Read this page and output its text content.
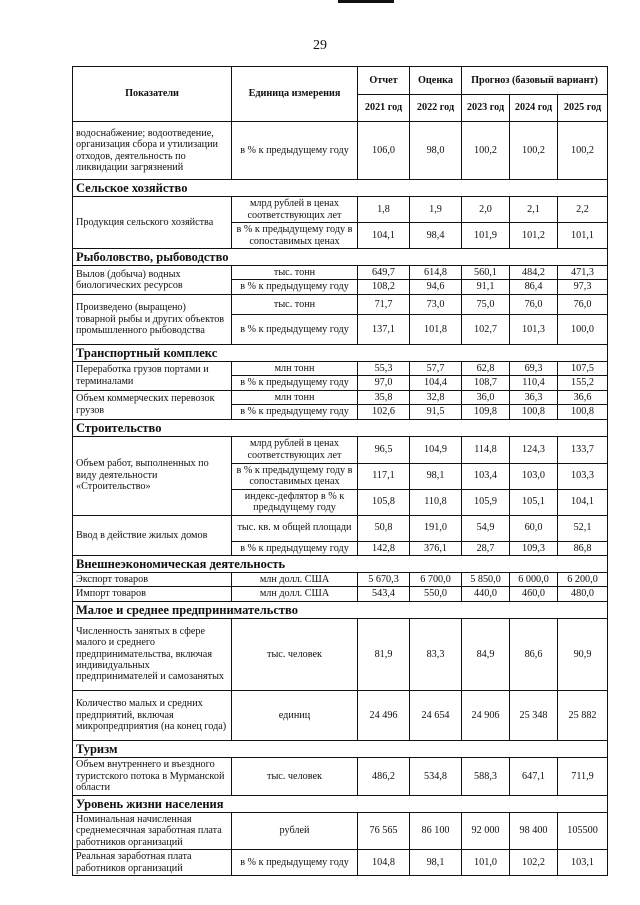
29
Показатели	Единица измерения	Отчет	Оценка	Прогноз (базовый вариант)		
		2021 год	2022 год	2023 год	2024 год	2025 год
водоснабжение; водоотведение, организация сбора и утилизации отходов, деятельность по ликвидации загрязнений	в % к предыдущему году	106,0	98,0	100,2	100,2	100,2
Сельское хозяйство						
Продукция сельского хозяйства	млрд рублей в ценах соответствующих лет	1,8	1,9	2,0	2,1	2,2
	в % к предыдущему году в сопоставимых ценах	104,1	98,4	101,9	101,2	101,1
Рыболовство, рыбоводство						
Вылов (добыча) водных биологических ресурсов	тыс. тонн	649,7	614,8	560,1	484,2	471,3
	в % к предыдущему году	108,2	94,6	91,1	86,4	97,3
Произведено (выращено) товарной рыбы и других объектов промышленного рыбоводства	тыс. тонн	71,7	73,0	75,0	76,0	76,0
	в % к предыдущему году	137,1	101,8	102,7	101,3	100,0
Транспортный комплекс						
Переработка грузов портами и терминалами	млн тонн	55,3	57,7	62,8	69,3	107,5
	в % к предыдущему году	97,0	104,4	108,7	110,4	155,2
Объем коммерческих перевозок грузов	млн тонн	35,8	32,8	36,0	36,3	36,6
	в % к предыдущему году	102,6	91,5	109,8	100,8	100,8
Строительство						
Объем работ, выполненных по виду деятельности «Строительство»	млрд рублей в ценах соответствующих лет	96,5	104,9	114,8	124,3	133,7
	в % к предыдущему году в сопоставимых ценах	117,1	98,1	103,4	103,0	103,3
	индекс-дефлятор в % к предыдущему году	105,8	110,8	105,9	105,1	104,1
Ввод в действие жилых домов	тыс. кв. м общей площади	50,8	191,0	54,9	60,0	52,1
	в % к предыдущему году	142,8	376,1	28,7	109,3	86,8
Внешнеэкономическая деятельность						
Экспорт товаров	млн долл. США	5 670,3	6 700,0	5 850,0	6 000,0	6 200,0
Импорт товаров	млн долл. США	543,4	550,0	440,0	460,0	480,0
Малое и среднее предпринимательство						
Численность занятых в сфере малого и среднего предпринимательства, включая индивидуальных предпринимателей и самозанятых	тыс. человек	81,9	83,3	84,9	86,6	90,9
Количество малых и средних предприятий, включая микропредприятия (на конец года)	единиц	24 496	24 654	24 906	25 348	25 882
Туризм						
Объем внутреннего и въездного туристского потока в Мурманской области	тыс. человек	486,2	534,8	588,3	647,1	711,9
Уровень жизни населения						
Номинальная начисленная среднемесячная заработная плата работников организаций	рублей	76 565	86 100	92 000	98 400	105500
Реальная заработная плата работников организаций	в % к предыдущему году	104,8	98,1	101,0	102,2	103,1
